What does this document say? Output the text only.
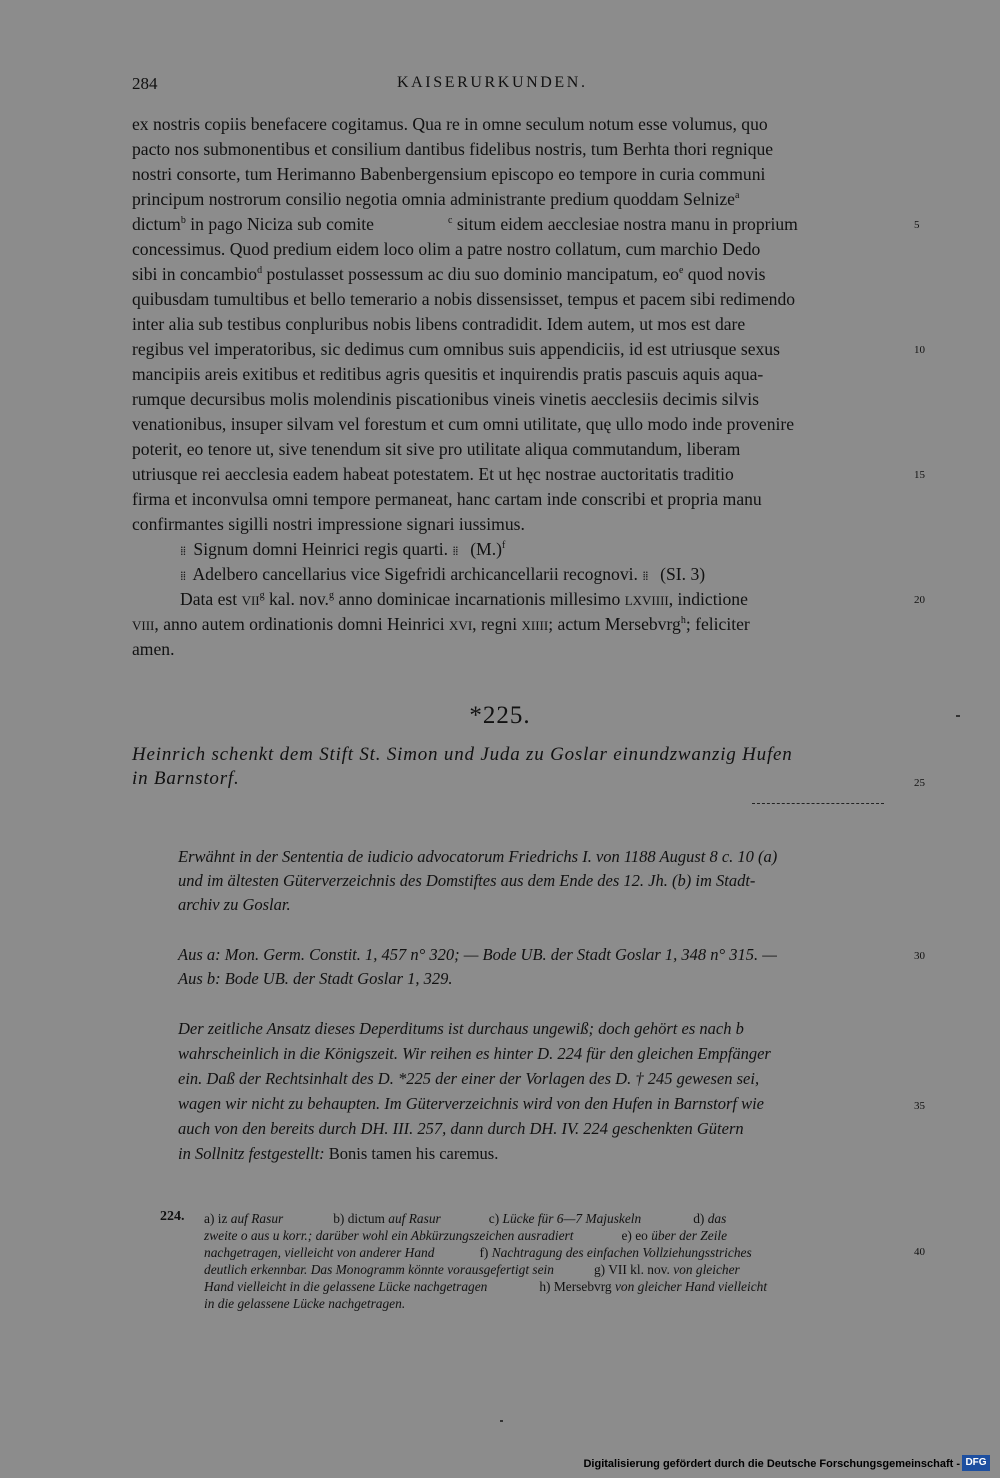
284	KAISERURKUNDEN.
ex nostris copiis benefacere cogitamus. Qua re in omne seculum notum esse volumus, quo
pacto nos submonentibus et consilium dantibus fidelibus nostris, tum Berhta thori regnique
nostri consorte, tum Herimanno Babenbergensium episcopo eo tempore in curia communi
principum nostrorum consilio negotia omnia administrante predium quoddam Selnize$^a$
dictum$^b$ in pago Niciza sub comite	$^c$ situm eidem aecclesiae nostra manu in proprium	5
concessimus. Quod predium eidem loco olim a patre nostro collatum, cum marchio Dedo
sibi in concambio$^d$ postulasset possessum ac diu suo dominio mancipatum, $eo^e$ quod novis
quibusdam tumultibus et bello temerario a nobis dissensisset, tempus et pacem sibi redimendo
inter alia sub testibus conpluribus nobis libens contradidit. Idem autem, ut mos est dare
regibus vel imperatoribus, sic dedimus cum omnibus suis appendiciis, id est utriusque sexus	10
mancipiis areis exitibus et reditibus agris quesitis et inquirendis pratis pascuis aquis aqua-
rumque decursibus molis molendinis piscationibus vineis vinetis aecclesiis decimis silvis
venationibus, insuper silvam vel forestum et cum omni utilitate, quę ullo modo inde provenire
poterit, eo tenore ut, sive tenendum sit sive pro utilitate aliqua commutandum, liberam
utriusque rei aecclesia eadem habeat potestatem. Et ut hęc nostrae auctoritatis traditio	15
firma et inconvulsa omni tempore permaneat, hanc cartam inde conscribi et propria manu
confirmantes sigilli nostri impressione signari iussimus.
⁞⁞ Signum domni Heinrici regis quarti. ⁞⁞ $(M.)^f$
⁞⁞ Adelbero cancellarius vice Sigefridi archicancellarii recognovi. ⁞⁞ (SI. 3)
Data est VII$^g$ kal. nov.$^g$ anno dominicae incarnationis millesimo LXVIIII, indictione	20
VIII, anno autem ordinationis domni Heinrici XVI, regni XIIII; actum Mersebvrg$^h$; feliciter
amen.
*225.
Heinrich schenkt dem Stift St. Simon und Juda zu Goslar einundzwanzig Hufen
in Barnstorf.	25
Erwähnt in der Sententia de iudicio advocatorum Friedrichs I. von 1188 August 8 c. 10 (a)
und im ältesten Güterverzeichnis des Domstiftes aus dem Ende des 12. Jh. (b) im Stadt-
archiv zu Goslar.
Aus a: Mon. Germ. Constit. 1, 457 n° 320; — Bode UB. der Stadt Goslar 1, 348 n° 315. —	30
Aus b: Bode UB. der Stadt Goslar 1, 329.
Der zeitliche Ansatz dieses Deperditums ist durchaus ungewiß; doch gehört es nach b
wahrscheinlich in die Königszeit. Wir reihen es hinter D. 224 für den gleichen Empfänger
ein. Daß der Rechtsinhalt des D. *225 der einer der Vorlagen des D. † 245 gewesen sei,
wagen wir nicht zu behaupten. Im Güterverzeichnis wird von den Hufen in Barnstorf wie	35
auch von den bereits durch DH. III. 257, dann durch DH. IV. 224 geschenkten Gütern
in Sollnitz festgestellt: Bonis tamen his caremus.
224. a) iz auf Rasur	b) dictum auf Rasur	c) Lücke für 6—7 Majuskeln	d) das
zweite o aus u korr.; darüber wohl ein Abkürzungszeichen ausradiert	e) eo über der Zeile
nachgetragen, vielleicht von anderer Hand	f) Nachtragung des einfachen Vollziehungsstriches	40
deutlich erkennbar. Das Monogramm könnte vorausgefertigt sein	g) VII kl. nov. von gleicher
Hand vielleicht in die gelassene Lücke nachgetragen	h) Mersebvrg von gleicher Hand vielleicht
in die gelassene Lücke nachgetragen.
Digitalisierung gefördert durch die Deutsche Forschungsgemeinschaft - DFG
